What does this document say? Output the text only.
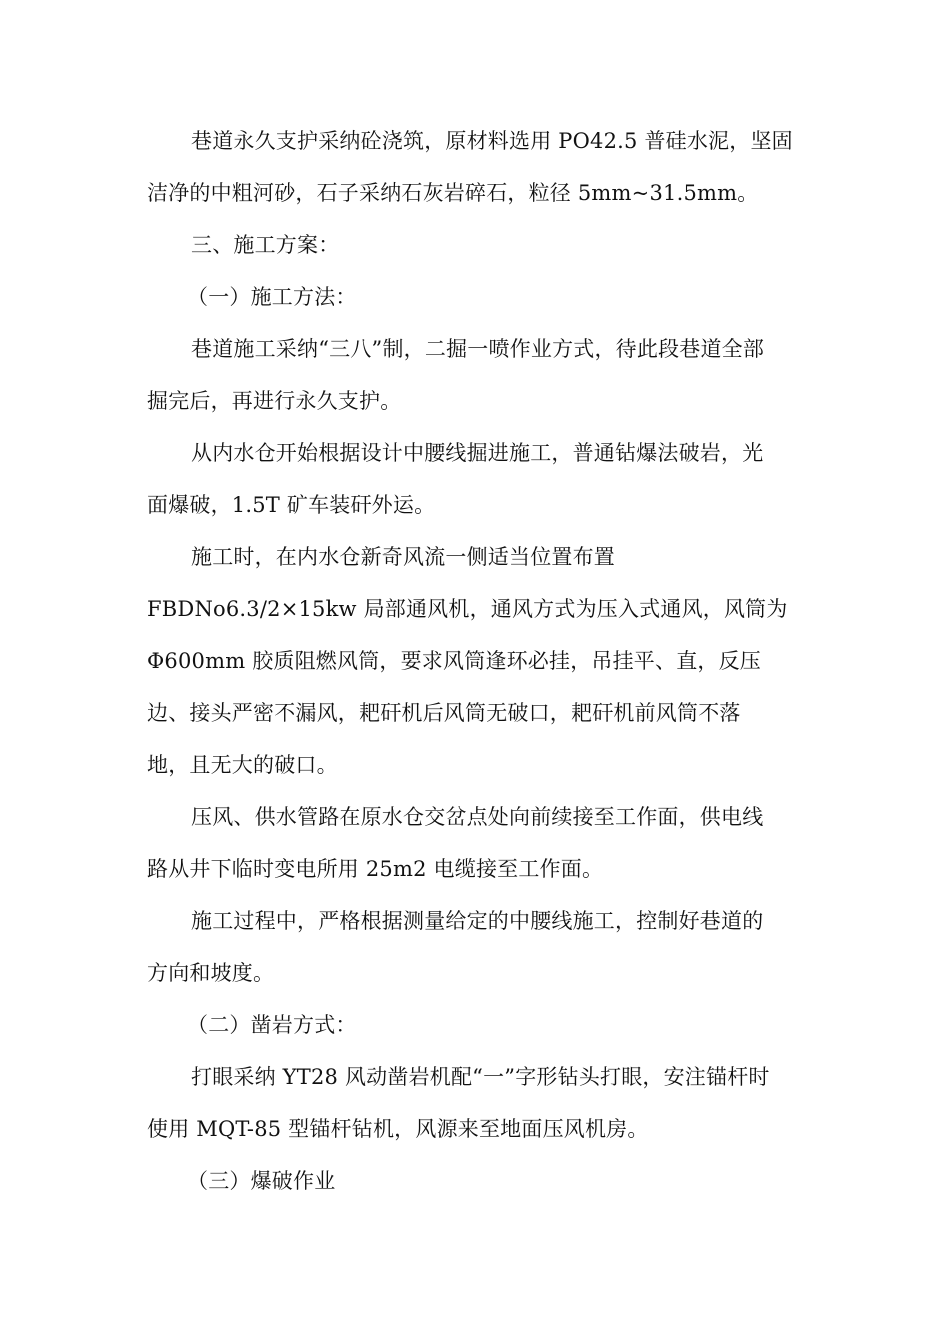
巷道永久支护采纳砼浇筑，原材料选用 PO42.5 普硅水泥，坚固
洁净的中粗河砂，石子采纳石灰岩碎石，粒径 5mm~31.5mm。
三、施工方案：
（一）施工方法：
巷道施工采纳“三八”制，二掘一喷作业方式，待此段巷道全部
掘完后，再进行永久支护。
从内水仓开始根据设计中腰线掘进施工，普通钻爆法破岩，光
面爆破，1.5T 矿车装矸外运。
施工时，在内水仓新奇风流一侧适当位置布置
FBDNo6.3/2×15kw 局部通风机，通风方式为压入式通风，风筒为
Φ600mm 胶质阻燃风筒，要求风筒逢环必挂，吊挂平、直，反压
边、接头严密不漏风，耙矸机后风筒无破口，耙矸机前风筒不落
地，且无大的破口。
压风、供水管路在原水仓交岔点处向前续接至工作面，供电线
路从井下临时变电所用 25m2 电缆接至工作面。
施工过程中，严格根据测量给定的中腰线施工，控制好巷道的
方向和坡度。
（二）凿岩方式：
打眼采纳 YT28 风动凿岩机配“一”字形钻头打眼，安注锚杆时
使用 MQT-85 型锚杆钻机，风源来至地面压风机房。
（三）爆破作业
